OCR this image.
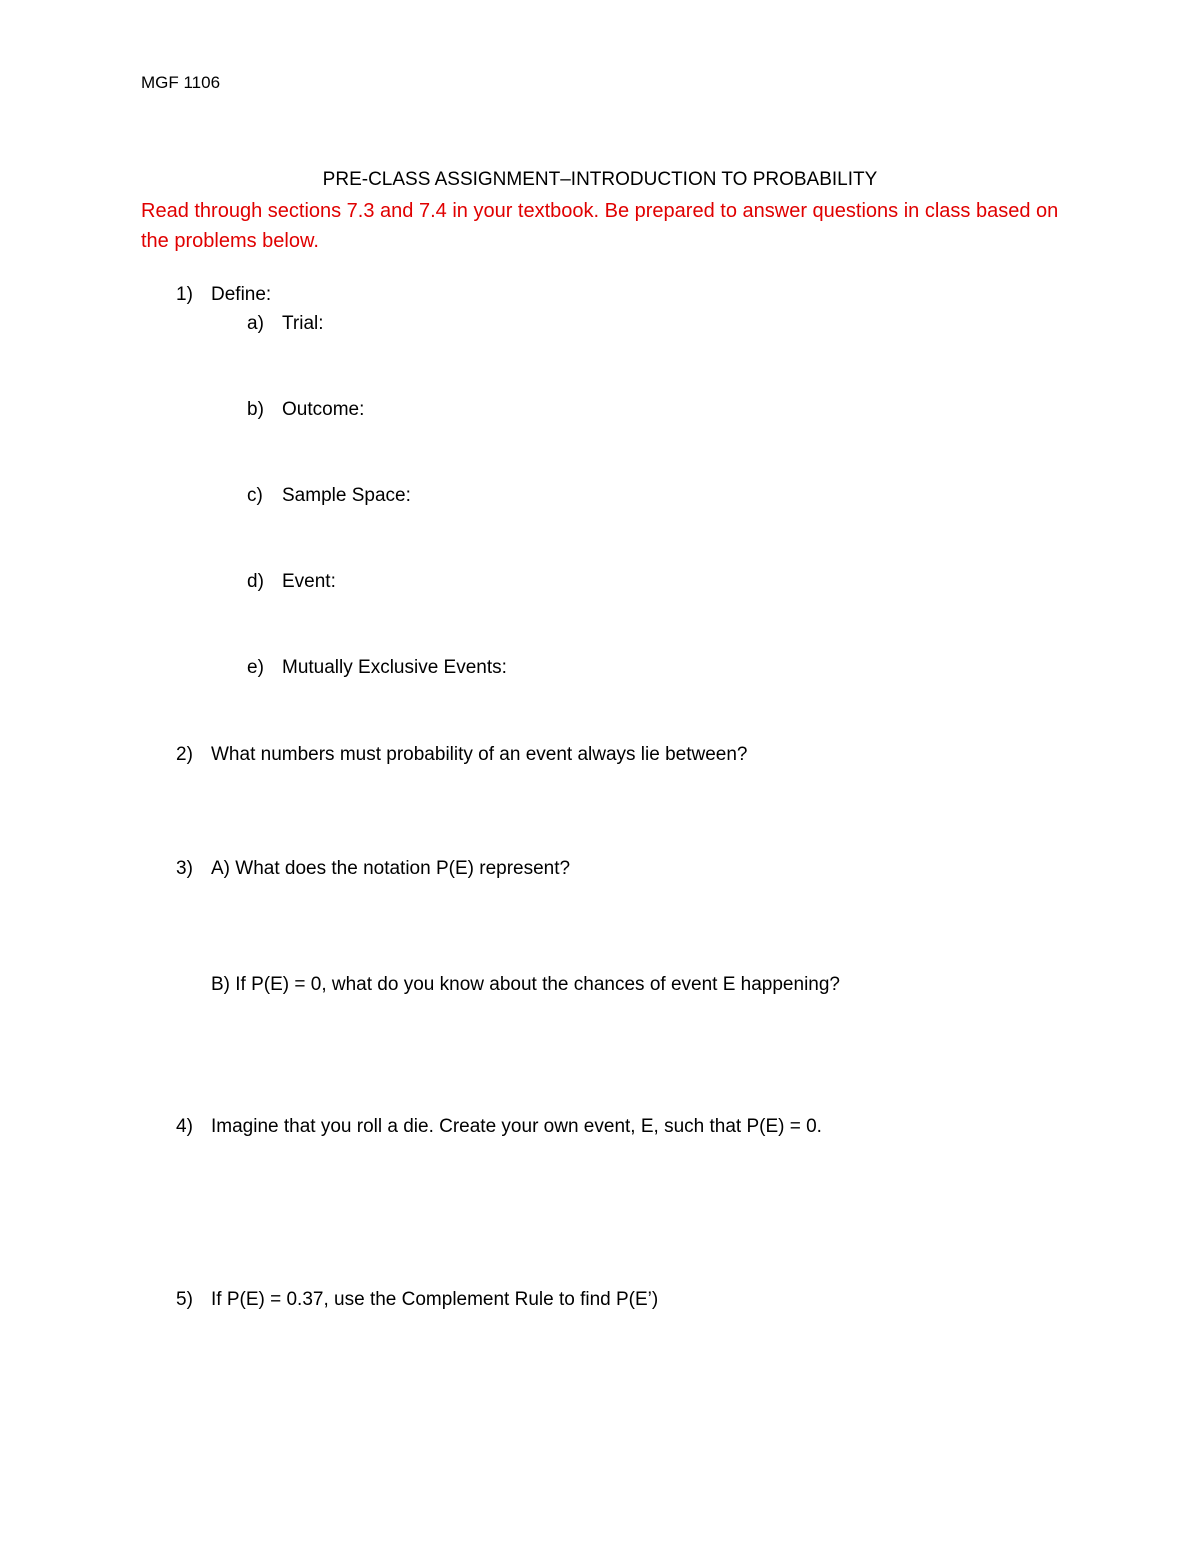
MGF 1106
PRE-CLASS ASSIGNMENT–INTRODUCTION TO PROBABILITY
Read through sections 7.3 and 7.4 in your textbook. Be prepared to answer questions in class based on the problems below.
1) Define:
a) Trial:
b) Outcome:
c) Sample Space:
d) Event:
e) Mutually Exclusive Events:
2) What numbers must probability of an event always lie between?
3) A) What does the notation P(E) represent?
B) If P(E) = 0, what do you know about the chances of event E happening?
4) Imagine that you roll a die. Create your own event, E, such that P(E) = 0.
5) If P(E) = 0.37, use the Complement Rule to find P(E’)
